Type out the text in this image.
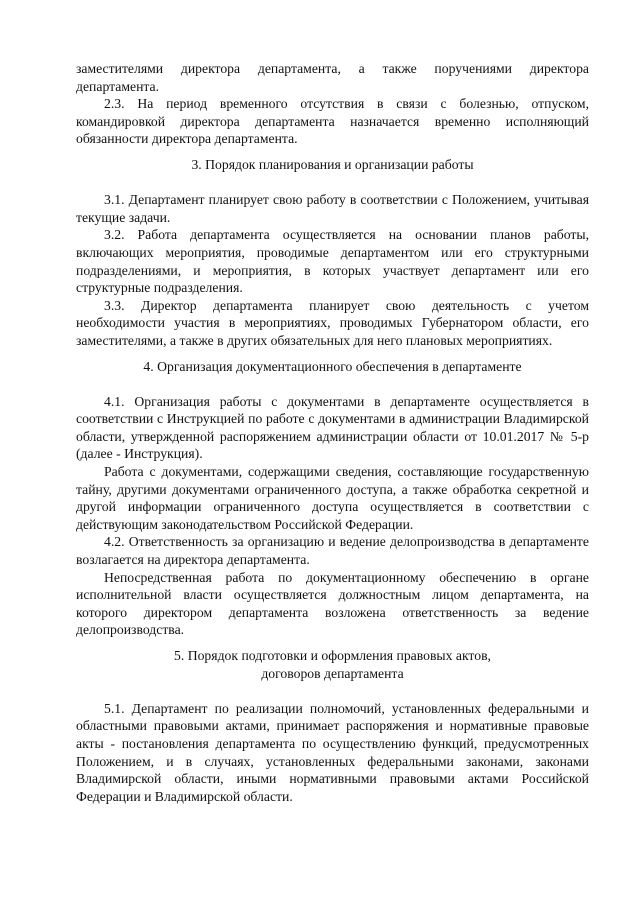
заместителями директора департамента, а также поручениями директора департамента.

2.3. На период временного отсутствия в связи с болезнью, отпуском, командировкой директора департамента назначается временно исполняющий обязанности директора департамента.

3. Порядок планирования и организации работы

3.1. Департамент планирует свою работу в соответствии с Положением, учитывая текущие задачи.

3.2. Работа департамента осуществляется на основании планов работы, включающих мероприятия, проводимые департаментом или его структурными подразделениями, и мероприятия, в которых участвует департамент или его структурные подразделения.

3.3. Директор департамента планирует свою деятельность с учетом необходимости участия в мероприятиях, проводимых Губернатором области, его заместителями, а также в других обязательных для него плановых мероприятиях.

4. Организация документационного обеспечения в департаменте

4.1. Организация работы с документами в департаменте осуществляется в соответствии с Инструкцией по работе с документами в администрации Владимирской области, утвержденной распоряжением администрации области от 10.01.2017 № 5-р (далее - Инструкция).

Работа с документами, содержащими сведения, составляющие государственную тайну, другими документами ограниченного доступа, а также обработка секретной и другой информации ограниченного доступа осуществляется в соответствии с действующим законодательством Российской Федерации.

4.2. Ответственность за организацию и ведение делопроизводства в департаменте возлагается на директора департамента.

Непосредственная работа по документационному обеспечению в органе исполнительной власти осуществляется должностным лицом департамента, на которого директором департамента возложена ответственность за ведение делопроизводства.

5. Порядок подготовки и оформления правовых актов,

договоров департамента

5.1. Департамент по реализации полномочий, установленных федеральными и областными правовыми актами, принимает распоряжения и нормативные правовые акты - постановления департамента по осуществлению функций, предусмотренных Положением, и в случаях, установленных федеральными законами, законами Владимирской области, иными нормативными правовыми актами Российской Федерации и Владимирской области.
